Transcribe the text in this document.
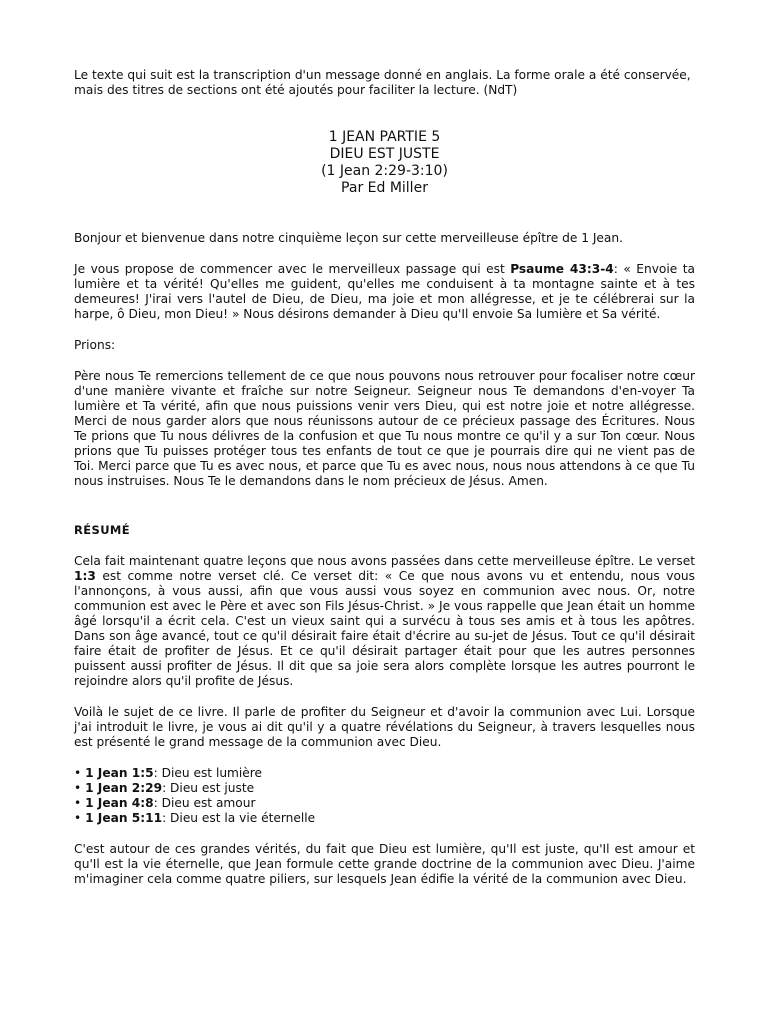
Le texte qui suit est la transcription d'un message donné en anglais. La forme orale a été conservée, mais des titres de sections ont été ajoutés pour faciliter la lecture. (NdT)

1 JEAN PARTIE 5
DIEU EST JUSTE
(1 Jean 2:29-3:10)
Par Ed Miller

Bonjour et bienvenue dans notre cinquième leçon sur cette merveilleuse épître de 1 Jean.

Je vous propose de commencer avec le merveilleux passage qui est Psaume 43:3-4: « Envoie ta lumière et ta vérité! Qu'elles me guident, qu'elles me conduisent à ta montagne sainte et à tes demeures! J'irai vers l'autel de Dieu, de Dieu, ma joie et mon allégresse, et je te célébrerai sur la harpe, ô Dieu, mon Dieu! » Nous désirons demander à Dieu qu'Il envoie Sa lumière et Sa vérité.

Prions:

Père nous Te remercions tellement de ce que nous pouvons nous retrouver pour focaliser notre cœur d'une manière vivante et fraîche sur notre Seigneur. Seigneur nous Te demandons d'en-voyer Ta lumière et Ta vérité, afin que nous puissions venir vers Dieu, qui est notre joie et notre allégresse. Merci de nous garder alors que nous réunissons autour de ce précieux passage des Écritures. Nous Te prions que Tu nous délivres de la confusion et que Tu nous montre ce qu'il y a sur Ton cœur. Nous prions que Tu puisses protéger tous tes enfants de tout ce que je pourrais dire qui ne vient pas de Toi. Merci parce que Tu es avec nous, et parce que Tu es avec nous, nous nous attendons à ce que Tu nous instruises. Nous Te le demandons dans le nom précieux de Jésus. Amen.

RÉSUMÉ

Cela fait maintenant quatre leçons que nous avons passées dans cette merveilleuse épître. Le verset 1:3 est comme notre verset clé. Ce verset dit: « Ce que nous avons vu et entendu, nous vous l'annonçons, à vous aussi, afin que vous aussi vous soyez en communion avec nous. Or, notre communion est avec le Père et avec son Fils Jésus-Christ. » Je vous rappelle que Jean était un homme âgé lorsqu'il a écrit cela. C'est un vieux saint qui a survécu à tous ses amis et à tous les apôtres. Dans son âge avancé, tout ce qu'il désirait faire était d'écrire au su-jet de Jésus. Tout ce qu'il désirait faire était de profiter de Jésus. Et ce qu'il désirait partager était pour que les autres personnes puissent aussi profiter de Jésus. Il dit que sa joie sera alors complète lorsque les autres pourront le rejoindre alors qu'il profite de Jésus.

Voilà le sujet de ce livre. Il parle de profiter du Seigneur et d'avoir la communion avec Lui. Lorsque j'ai introduit le livre, je vous ai dit qu'il y a quatre révélations du Seigneur, à travers lesquelles nous est présenté le grand message de la communion avec Dieu.

• 1 Jean 1:5: Dieu est lumière
• 1 Jean 2:29: Dieu est juste
• 1 Jean 4:8: Dieu est amour
• 1 Jean 5:11: Dieu est la vie éternelle

C'est autour de ces grandes vérités, du fait que Dieu est lumière, qu'Il est juste, qu'Il est amour et qu'Il est la vie éternelle, que Jean formule cette grande doctrine de la communion avec Dieu. J'aime m'imaginer cela comme quatre piliers, sur lesquels Jean édifie la vérité de la communion avec Dieu.
